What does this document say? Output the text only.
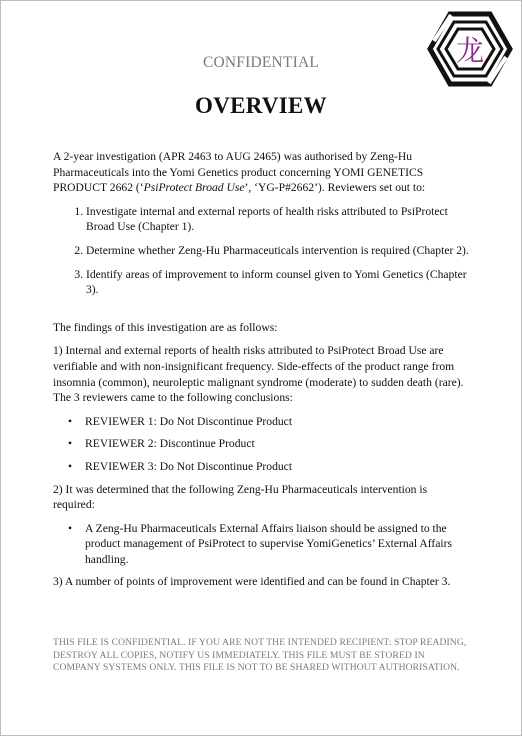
龙
CONFIDENTIAL
OVERVIEW

A 2-year investigation (APR 2463 to AUG 2465) was authorised by Zeng-Hu Pharmaceuticals into the Yomi Genetics product concerning YOMI GENETICS PRODUCT 2662 (‘PsiProtect Broad Use’, ‘YG-P#2662’). Reviewers set out to:

1. Investigate internal and external reports of health risks attributed to PsiProtect Broad Use (Chapter 1).
2. Determine whether Zeng-Hu Pharmaceuticals intervention is required (Chapter 2).
3. Identify areas of improvement to inform counsel given to Yomi Genetics (Chapter 3).

The findings of this investigation are as follows:

1) Internal and external reports of health risks attributed to PsiProtect Broad Use are verifiable and with non-insignificant frequency. Side-effects of the product range from insomnia (common), neuroleptic malignant syndrome (moderate) to sudden death (rare). The 3 reviewers came to the following conclusions:

• REVIEWER 1: Do Not Discontinue Product
• REVIEWER 2: Discontinue Product
• REVIEWER 3: Do Not Discontinue Product

2) It was determined that the following Zeng-Hu Pharmaceuticals intervention is required:

• A Zeng-Hu Pharmaceuticals External Affairs liaison should be assigned to the product management of PsiProtect to supervise YomiGenetics’ External Affairs handling.

3) A number of points of improvement were identified and can be found in Chapter 3.

THIS FILE IS CONFIDENTIAL. IF YOU ARE NOT THE INTENDED RECIPIENT: STOP READING, DESTROY ALL COPIES, NOTIFY US IMMEDIATELY. THIS FILE MUST BE STORED IN COMPANY SYSTEMS ONLY. THIS FILE IS NOT TO BE SHARED WITHOUT AUTHORISATION.
